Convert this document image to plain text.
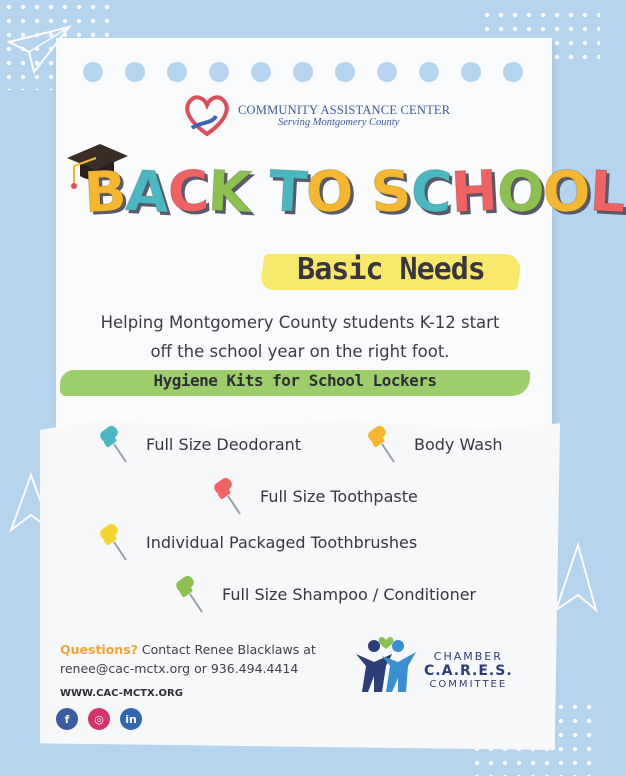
COMMUNITY ASSISTANCE CENTER
Serving Montgomery County
BACK TO SCHOOL
Basic Needs
Helping Montgomery County students K-12 start
off the school year on the right foot.
Hygiene Kits for School Lockers
Full Size Deodorant	Body Wash
Full Size Toothpaste
Individual Packaged Toothbrushes
Full Size Shampoo / Conditioner
Questions? Contact Renee Blacklaws at
renee@cac-mctx.org or 936.494.4414
WWW.CAC-MCTX.ORG
f	◎	in
CHAMBER
C.A.R.E.S.
COMMITTEE
